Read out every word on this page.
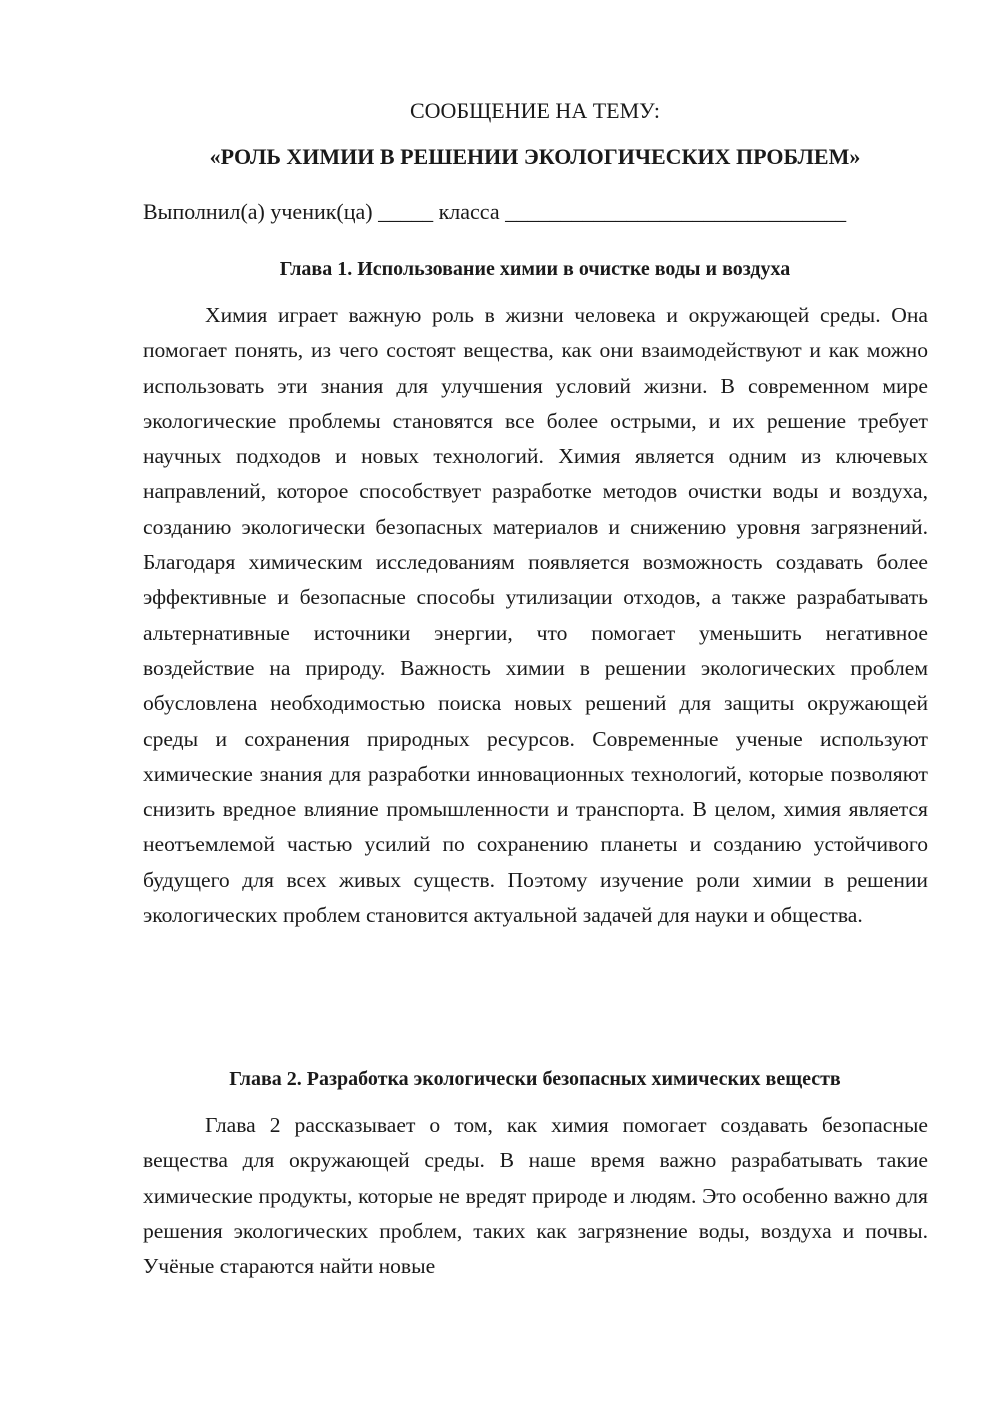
СООБЩЕНИЕ НА ТЕМУ:
«РОЛЬ ХИМИИ В РЕШЕНИИ ЭКОЛОГИЧЕСКИХ ПРОБЛЕМ»
Выполнил(а) ученик(ца) _____ класса _______________________________
Глава 1. Использование химии в очистке воды и воздуха

Химия играет важную роль в жизни человека и окружающей среды. Она помогает понять, из чего состоят вещества, как они взаимодействуют и как можно использовать эти знания для улучшения условий жизни. В современном мире экологические проблемы становятся все более острыми, и их решение требует научных подходов и новых технологий. Химия является одним из ключевых направлений, которое способствует разработке методов очистки воды и воздуха, созданию экологически безопасных материалов и снижению уровня загрязнений. Благодаря химическим исследованиям появляется возможность создавать более эффективные и безопасные способы утилизации отходов, а также разрабатывать альтернативные источники энергии, что помогает уменьшить негативное воздействие на природу. Важность химии в решении экологических проблем обусловлена необходимостью поиска новых решений для защиты окружающей среды и сохранения природных ресурсов. Современные ученые используют химические знания для разработки инновационных технологий, которые позволяют снизить вредное влияние промышленности и транспорта. В целом, химия является неотъемлемой частью усилий по сохранению планеты и созданию устойчивого будущего для всех живых существ. Поэтому изучение роли химии в решении экологических проблем становится актуальной задачей для науки и общества.

Глава 2. Разработка экологически безопасных химических веществ

Глава 2 рассказывает о том, как химия помогает создавать безопасные вещества для окружающей среды. В наше время важно разрабатывать такие химические продукты, которые не вредят природе и людям. Это особенно важно для решения экологических проблем, таких как загрязнение воды, воздуха и почвы. Учёные стараются найти новые
